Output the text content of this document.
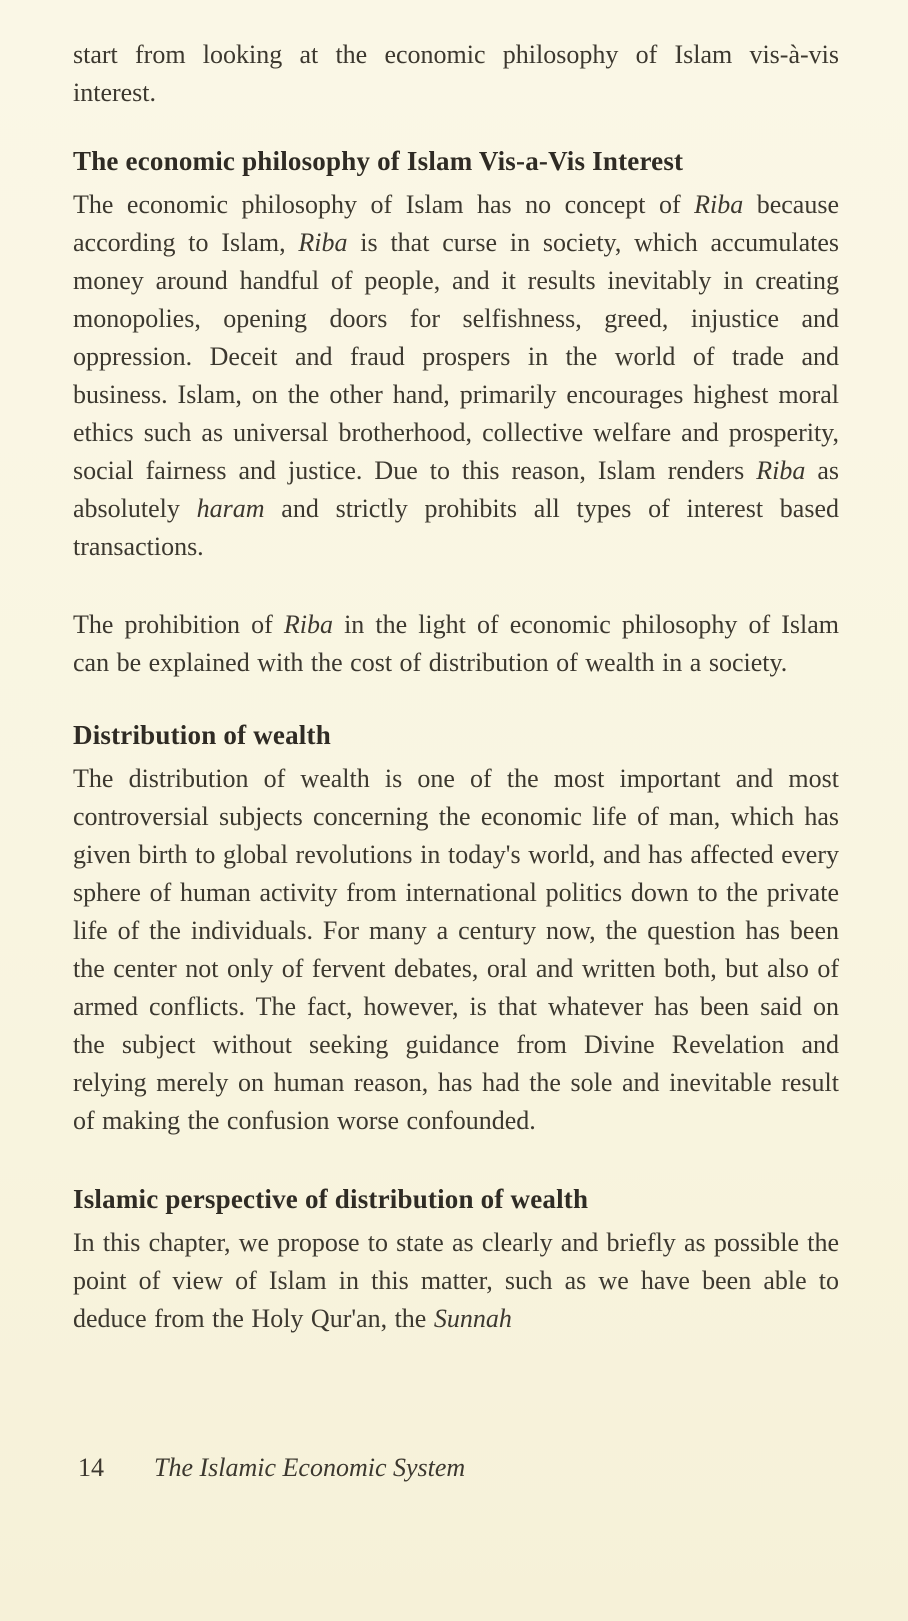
start from looking at the economic philosophy of Islam vis-à-vis interest.

The economic philosophy of Islam Vis-a-Vis Interest

The economic philosophy of Islam has no concept of Riba because according to Islam, Riba is that curse in society, which accumulates money around handful of people, and it results inevitably in creating monopolies, opening doors for selfishness, greed, injustice and oppression. Deceit and fraud prospers in the world of trade and business. Islam, on the other hand, primarily encourages highest moral ethics such as universal brotherhood, collective welfare and prosperity, social fairness and justice. Due to this reason, Islam renders Riba as absolutely haram and strictly prohibits all types of interest based transactions.

The prohibition of Riba in the light of economic philosophy of Islam can be explained with the cost of distribution of wealth in a society.

Distribution of wealth

The distribution of wealth is one of the most important and most controversial subjects concerning the economic life of man, which has given birth to global revolutions in today's world, and has affected every sphere of human activity from international politics down to the private life of the individuals. For many a century now, the question has been the center not only of fervent debates, oral and written both, but also of armed conflicts. The fact, however, is that whatever has been said on the subject without seeking guidance from Divine Revelation and relying merely on human reason, has had the sole and inevitable result of making the confusion worse confounded.

Islamic perspective of distribution of wealth

In this chapter, we propose to state as clearly and briefly as possible the point of view of Islam in this matter, such as we have been able to deduce from the Holy Qur'an, the Sunnah

14 The Islamic Economic System
